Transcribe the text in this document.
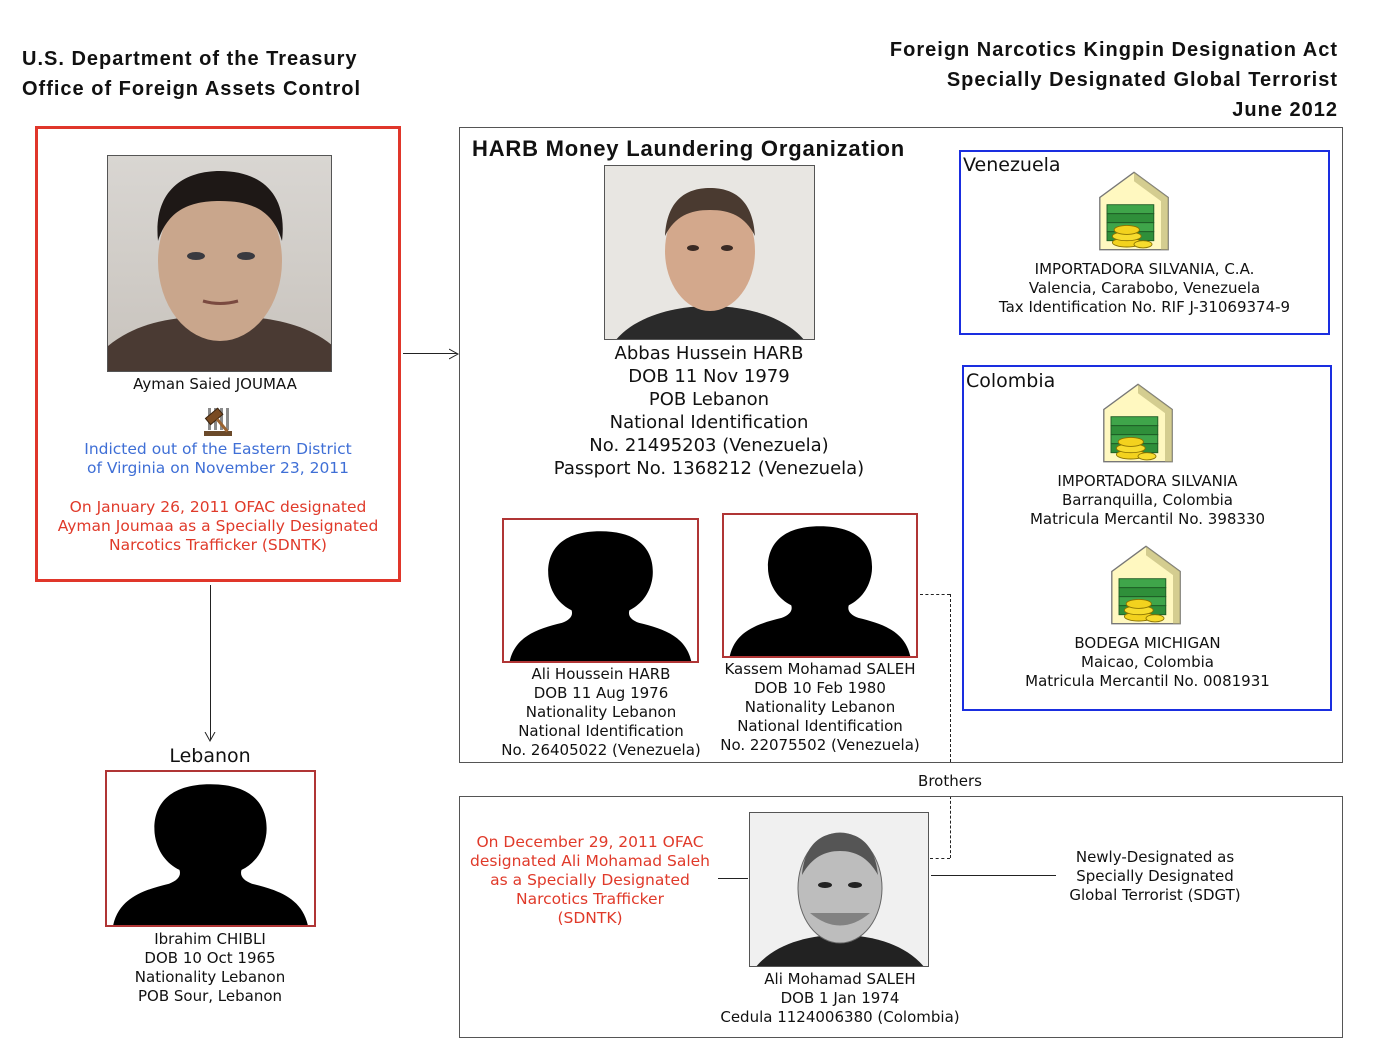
U.S. Department of the Treasury
Office of Foreign Assets Control
Foreign Narcotics Kingpin Designation Act
Specially Designated Global Terrorist
June 2012
Ayman Saied JOUMAA
Indicted out of the Eastern District
of Virginia on November 23, 2011
On January 26, 2011 OFAC designated
Ayman Joumaa as a Specially Designated
Narcotics Trafficker (SDNTK)
Lebanon
Ibrahim CHIBLI
DOB 10 Oct 1965
Nationality Lebanon
POB Sour, Lebanon
HARB Money Laundering Organization
Abbas Hussein HARB
DOB 11 Nov 1979
POB Lebanon
National Identification
No. 21495203 (Venezuela)
Passport No. 1368212 (Venezuela)
Ali Houssein HARB
DOB 11 Aug 1976
Nationality Lebanon
National Identification
No. 26405022 (Venezuela)
Kassem Mohamad SALEH
DOB 10 Feb 1980
Nationality Lebanon
National Identification
No. 22075502 (Venezuela)
Venezuela
IMPORTADORA SILVANIA, C.A.
Valencia, Carabobo, Venezuela
Tax Identification No. RIF J-31069374-9
Colombia
IMPORTADORA SILVANIA
Barranquilla, Colombia
Matricula Mercantil No. 398330
BODEGA MICHIGAN
Maicao, Colombia
Matricula Mercantil No. 0081931
Brothers
On December 29, 2011 OFAC
designated Ali Mohamad Saleh
as a Specially Designated
Narcotics Trafficker
(SDNTK)
Ali Mohamad SALEH
DOB 1 Jan 1974
Cedula 1124006380 (Colombia)
Newly-Designated as
Specially Designated
Global Terrorist (SDGT)
